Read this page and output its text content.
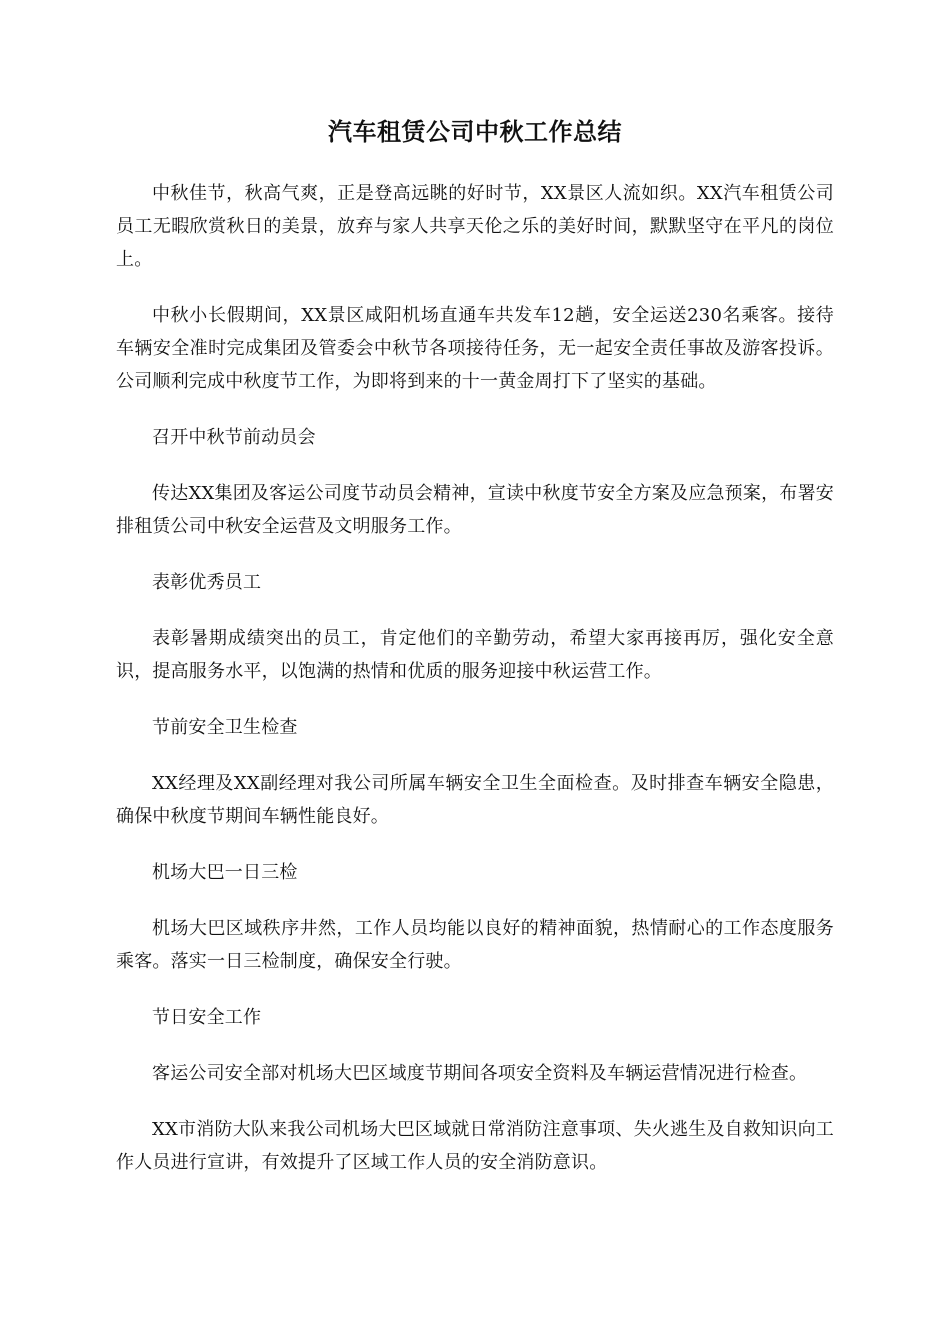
汽车租赁公司中秋工作总结

中秋佳节，秋高气爽，正是登高远眺的好时节，XX景区人流如织。XX汽车租赁公司员工无暇欣赏秋日的美景，放弃与家人共享天伦之乐的美好时间，默默坚守在平凡的岗位上。

中秋小长假期间，XX景区咸阳机场直通车共发车12趟，安全运送230名乘客。接待车辆安全准时完成集团及管委会中秋节各项接待任务，无一起安全责任事故及游客投诉。公司顺利完成中秋度节工作，为即将到来的十一黄金周打下了坚实的基础。

召开中秋节前动员会

传达XX集团及客运公司度节动员会精神，宣读中秋度节安全方案及应急预案，布署安排租赁公司中秋安全运营及文明服务工作。

表彰优秀员工

表彰暑期成绩突出的员工，肯定他们的辛勤劳动，希望大家再接再厉，强化安全意识，提高服务水平，以饱满的热情和优质的服务迎接中秋运营工作。

节前安全卫生检查

XX经理及XX副经理对我公司所属车辆安全卫生全面检查。及时排查车辆安全隐患，确保中秋度节期间车辆性能良好。

机场大巴一日三检

机场大巴区域秩序井然，工作人员均能以良好的精神面貌，热情耐心的工作态度服务乘客。落实一日三检制度，确保安全行驶。

节日安全工作

客运公司安全部对机场大巴区域度节期间各项安全资料及车辆运营情况进行检查。

XX市消防大队来我公司机场大巴区域就日常消防注意事项、失火逃生及自救知识向工作人员进行宣讲，有效提升了区域工作人员的安全消防意识。
